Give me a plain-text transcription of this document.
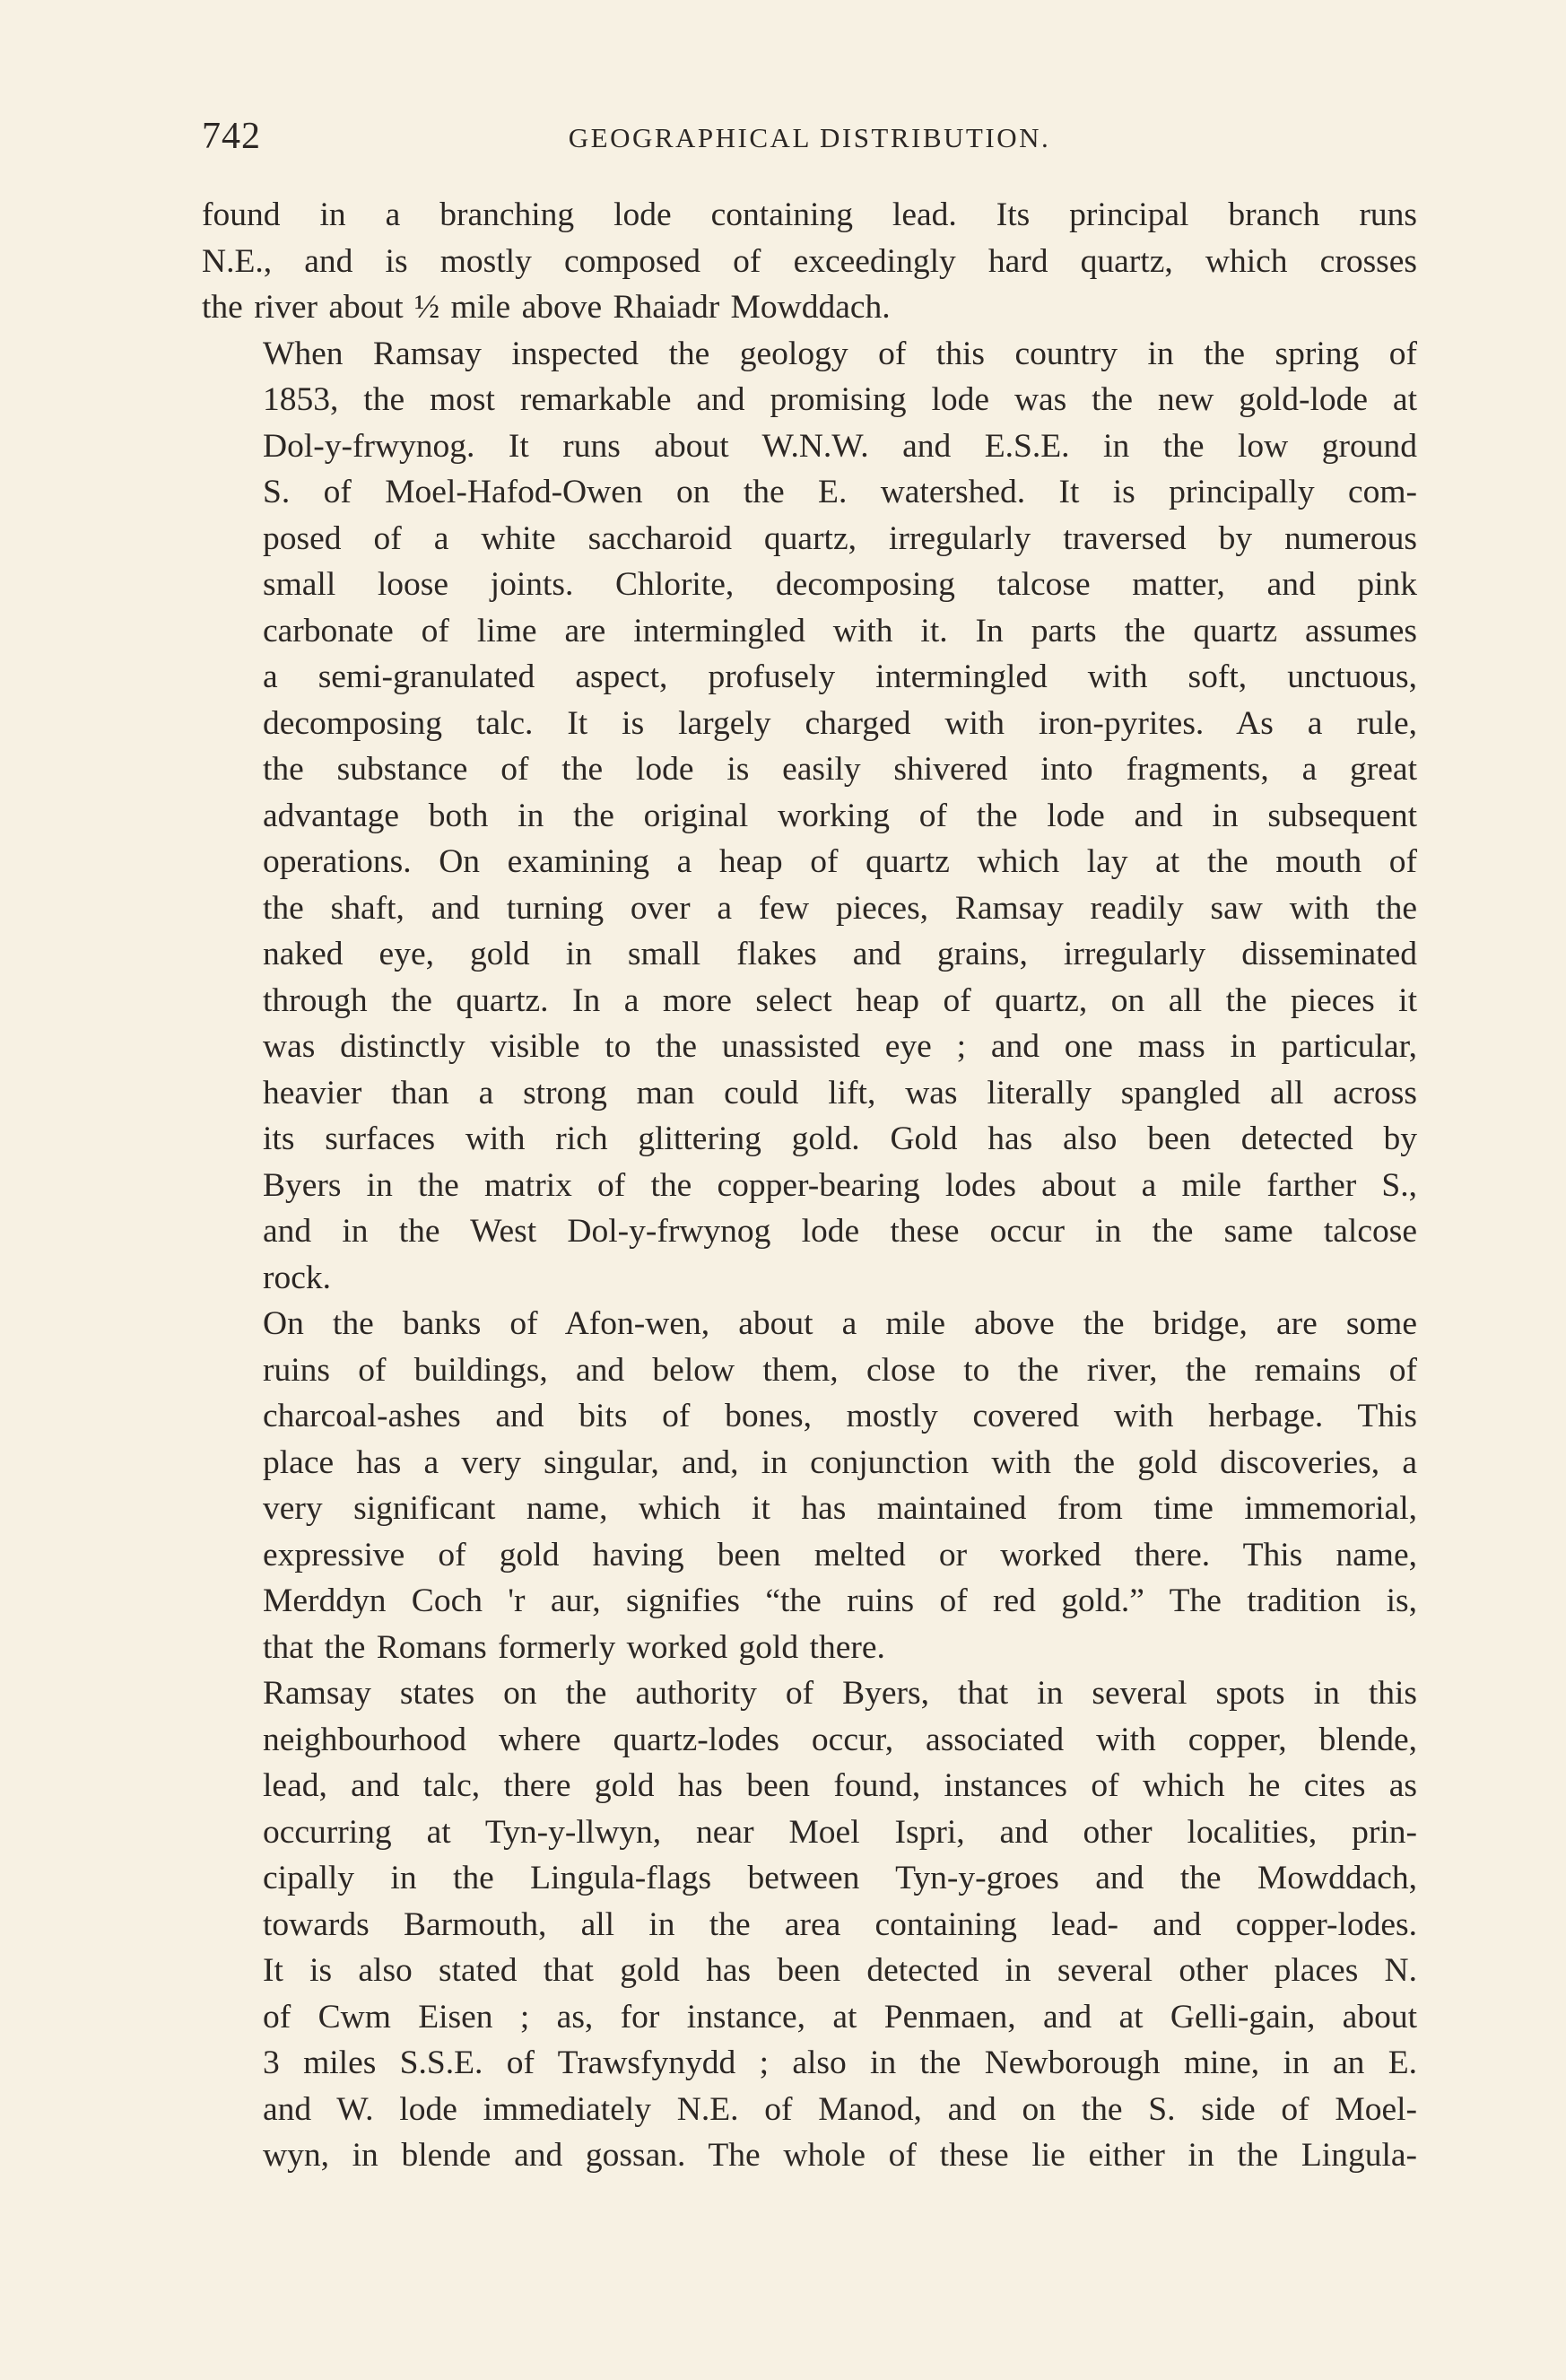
742	GEOGRAPHICAL DISTRIBUTION.

found in a branching lode containing lead. Its principal branch runs
N.E., and is mostly composed of exceedingly hard quartz, which crosses
the river about ½ mile above Rhaiadr Mowddach.

When Ramsay inspected the geology of this country in the spring of
1853, the most remarkable and promising lode was the new gold-lode at
Dol-y-frwynog. It runs about W.N.W. and E.S.E. in the low ground
S. of Moel-Hafod-Owen on the E. watershed. It is principally com-
posed of a white saccharoid quartz, irregularly traversed by numerous
small loose joints. Chlorite, decomposing talcose matter, and pink
carbonate of lime are intermingled with it. In parts the quartz assumes
a semi-granulated aspect, profusely intermingled with soft, unctuous,
decomposing talc. It is largely charged with iron-pyrites. As a rule,
the substance of the lode is easily shivered into fragments, a great
advantage both in the original working of the lode and in subsequent
operations. On examining a heap of quartz which lay at the mouth of
the shaft, and turning over a few pieces, Ramsay readily saw with the
naked eye, gold in small flakes and grains, irregularly disseminated
through the quartz. In a more select heap of quartz, on all the pieces it
was distinctly visible to the unassisted eye ; and one mass in particular,
heavier than a strong man could lift, was literally spangled all across
its surfaces with rich glittering gold. Gold has also been detected by
Byers in the matrix of the copper-bearing lodes about a mile farther S.,
and in the West Dol-y-frwynog lode these occur in the same talcose
rock.

On the banks of Afon-wen, about a mile above the bridge, are some
ruins of buildings, and below them, close to the river, the remains of
charcoal-ashes and bits of bones, mostly covered with herbage. This
place has a very singular, and, in conjunction with the gold discoveries, a
very significant name, which it has maintained from time immemorial,
expressive of gold having been melted or worked there. This name,
Merddyn Coch 'r aur, signifies “the ruins of red gold.” The tradition is,
that the Romans formerly worked gold there.

Ramsay states on the authority of Byers, that in several spots in this
neighbourhood where quartz-lodes occur, associated with copper, blende,
lead, and talc, there gold has been found, instances of which he cites as
occurring at Tyn-y-llwyn, near Moel Ispri, and other localities, prin-
cipally in the Lingula-flags between Tyn-y-groes and the Mowddach,
towards Barmouth, all in the area containing lead- and copper-lodes.
It is also stated that gold has been detected in several other places N.
of Cwm Eisen ; as, for instance, at Penmaen, and at Gelli-gain, about
3 miles S.S.E. of Trawsfynydd ; also in the Newborough mine, in an E.
and W. lode immediately N.E. of Manod, and on the S. side of Moel-
wyn, in blende and gossan. The whole of these lie either in the Lingula-
